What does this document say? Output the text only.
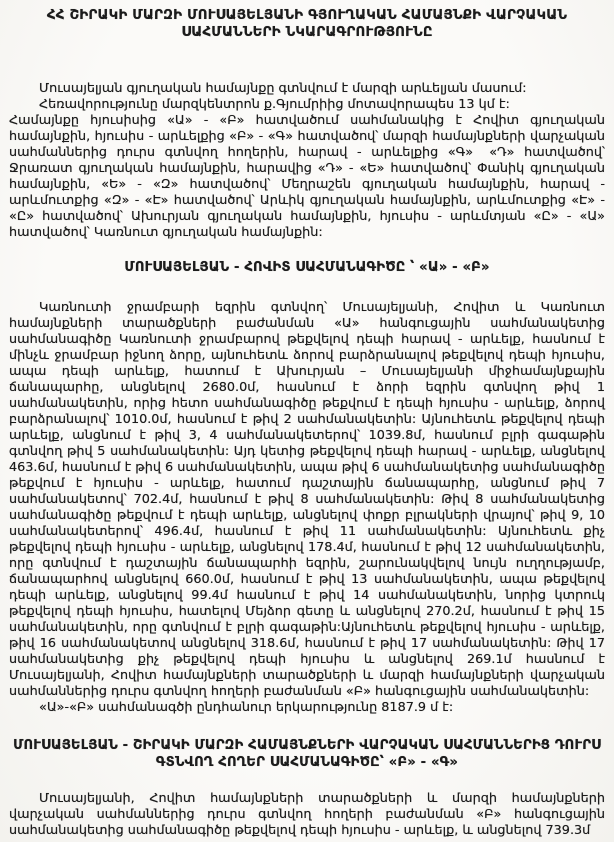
ՀՀ ՇԻՐԱԿԻ ՄԱՐԶԻ ՄՈՒՍԱՅԵԼՅԱՆԻ ԳՅՈՒՂԱԿԱՆ ՀԱՄԱՅՆՔԻ ՎԱՐՉԱԿԱՆ ՍԱՀՄԱՆՆԵՐԻ ՆԿԱՐԱԳՐՈՒԹՅՈՒՆԸ

Մուսայելյան գյուղական համայնքը գտնվում է մարզի արևելյան մասում:

Հեռավորությունը մարզկենտրոն ք.Գյումրիից մոտավորապես 13 կմ է:

Համայնքը հյուսիսից «Ա» - «Բ» հատվածում սահմանակից է Հովիտ գյուղական համայնքին, հյուսիս - արևելքից «Բ» - «Գ» հատվածով՝ մարզի համայնքների վարչական սահմաններից դուրս գտնվող հողերին, հարավ - արևելքից «Գ»  «Դ» հատվածով՝ Ջրառատ գյուղական համայնքին, հարավից «Դ» - «Ե» հատվածով՝ Փանիկ գյուղական համայնքին, «Ե» - «Զ» հատվածով՝ Մեղրաշեն գյուղական համայնքին, հարավ - արևմուտքից «Զ» - «Է» հատվածով՝ Արևիկ գյուղական համայնքին, արևմուտքից «Է» - «Ը» հատվածով՝ Ախուրյան գյուղական համայնքին, հյուսիս - արևմտյան «Ը» - «Ա» հատվածով՝ Կառնուտ գյուղական համայնքին:

ՄՈՒՍԱՅԵԼՅԱՆ - ՀՈՎԻՏ ՍԱՀՄԱՆԱԳԻԾԸ ՝ «Ա» - «Բ»

Կառնուտի ջրամբարի եզրին գտնվող՝ Մուսայելյանի, Հովիտ և Կառնուտ համայնքների տարածքների բաժանման «Ա» հանգուցային սահմանակետից սահմանագիծը Կառնուտի ջրամբարով թեքվելով դեպի հարավ - արևելք, հասնում է մինչև ջրամբար իջնող ձորը, այնուհետև ձորով բարձրանալով թեքվելով դեպի հյուսիս, ապա դեպի արևելք, հատում է Ախուրյան – Մուսայելյանի միջհամայնքային ճանապարհը, անցնելով 2680.0մ, հասնում է ձորի եզրին գտնվող թիվ 1 սահմանակետին, որից հետո սահմանագիծը թեքվում է դեպի հյուսիս - արևելք, ձորով բարձրանալով՝ 1010.0մ, հասնում է թիվ 2 սահմանակետին: Այնուհետև թեքվելով դեպի արևելք, անցնում է թիվ 3, 4 սահմանակետերով՝ 1039.8մ, հասնում բլրի գագաթին գտնվող թիվ 5 սահմանակետին: Այդ կետից թեքվելով դեպի հարավ - արևելք, անցնելով 463.6մ, հասնում է թիվ 6 սահմանակետին, ապա թիվ 6 սահմանակետից սահմանագիծը թեքվում է հյուսիս - արևելք, հատում դաշտային ճանապարհը, անցնում թիվ 7 սահմանակետով՝ 702.4մ, հասնում է թիվ 8 սահմանակետին: Թիվ 8 սահմանակետից սահմանագիծը թեքվում է դեպի արևելք, անցնելով փոքր բլրակների վրայով՝ թիվ 9, 10 սահմանակետերով՝ 496.4մ, հասնում է թիվ 11 սահմանակետին: Այնուհետև քիչ թեքվելով դեպի հյուսիս - արևելք, անցնելով 178.4մ, հասնում է թիվ 12 սահմանակետին, որը գտնվում է դաշտային ճանապարհի եզրին, շարունակվելով նույն ուղղությամբ, ճանապարհով անցնելով 660.0մ, հասնում է թիվ 13 սահմանակետին, ապա թեքվելով դեպի արևելք, անցնելով 99.4մ հասնում է թիվ 14 սահմանակետին, նորից կտրուկ թեքվելով դեպի հյուսիս, հատելով Մեյձոր գետը և անցնելով 270.2մ, հասնում է թիվ 15 սահմանակետին, որը գտնվում է բլրի գագաթին:Այնուհետև թեքվելով հյուսիս - արևելք, թիվ 16 սահմանակետով անցնելով 318.6մ, հասնում է թիվ 17 սահմանակետին: Թիվ 17 սահմանակետից քիչ թեքվելով դեպի հյուսիս և անցնելով 269.1մ հասնում է Մուսայելյանի, Հովիտ համայնքների տարածքների և մարզի համայնքների վարչական սահմաններից դուրս գտնվող հողերի բաժանման «Բ» հանգուցային սահմանակետին:

«Ա»-«Բ» սահմանագծի ընդհանուր երկարությունը 8187.9 մ է:

ՄՈՒՍԱՅԵԼՅԱՆ - ՇԻՐԱԿԻ ՄԱՐԶԻ ՀԱՄԱՅՆՔՆԵՐԻ ՎԱՐՉԱԿԱՆ ՍԱՀՄԱՆՆԵՐԻՑ ԴՈՒՐՍ ԳՏՆՎՈՂ ՀՈՂԵՐ ՍԱՀՄԱՆԱԳԻԾԸ՝ «Բ» - «Գ»

Մուսայելյանի, Հովիտ համայնքների տարածքների և մարզի համայնքների վարչական սահմաններից դուրս գտնվող հողերի բաժանման «Բ» հանգուցային սահմանակետից սահմանագիծը թեքվելով դեպի հյուսիս - արևելք, և անցնելով 739.3մ
